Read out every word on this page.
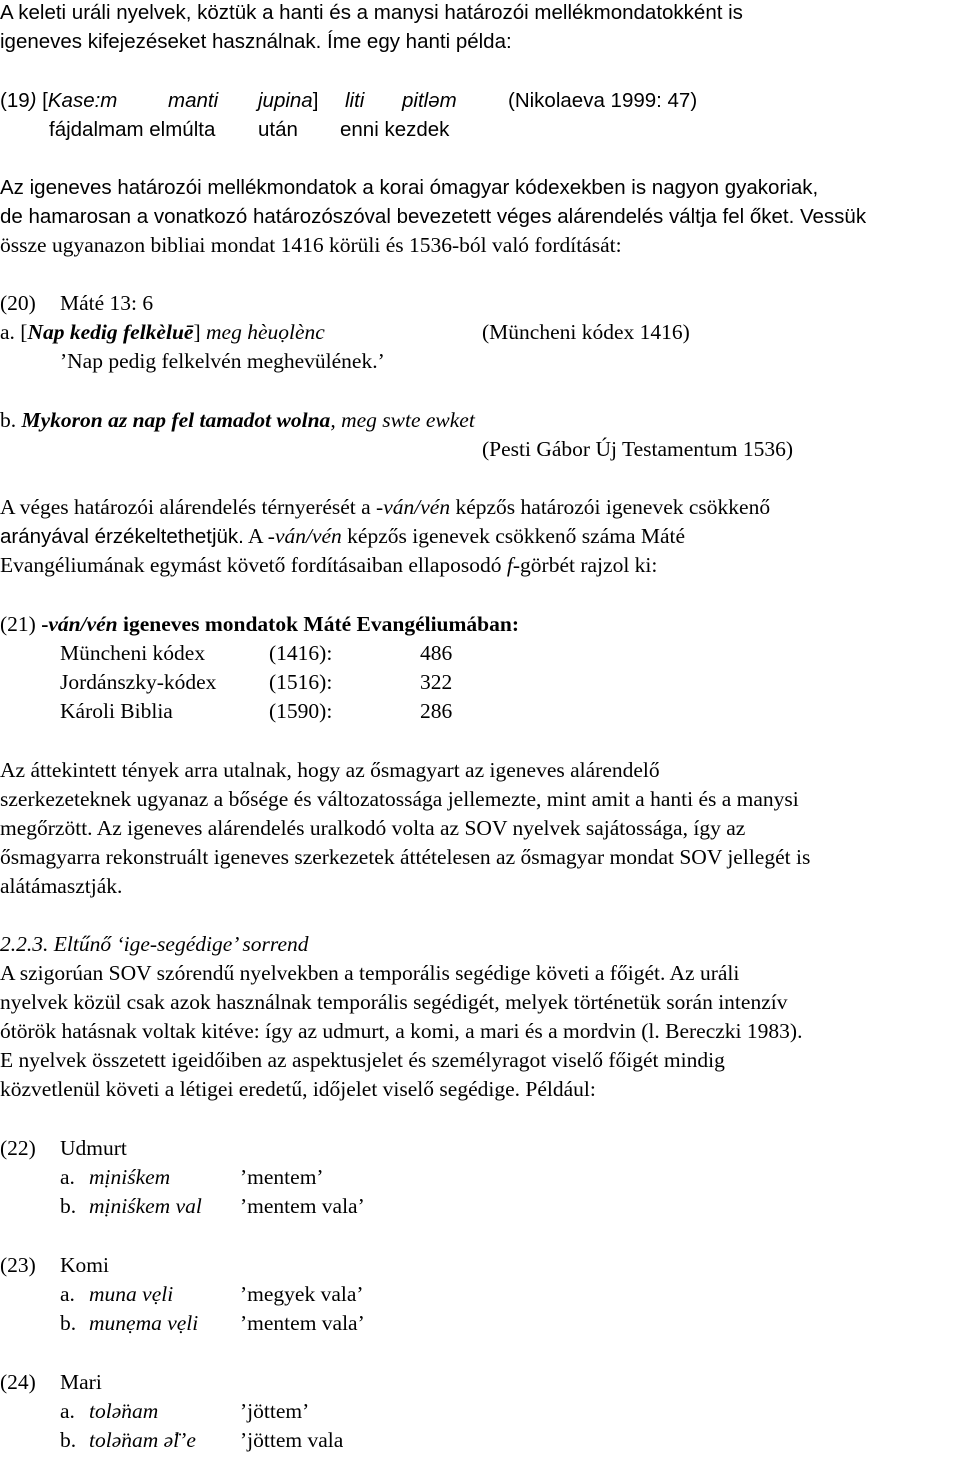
A keleti uráli nyelvek, köztük a hanti és a manysi határozói mellékmondatokként is
igeneves kifejezéseket használnak. Íme egy hanti példa:
(19) [Kase:m manti jupina] liti pitləm	(Nikolaeva 1999: 47)
fájdalmam elmúlta után enni kezdek
Az igeneves határozói mellékmondatok a korai ómagyar kódexekben is nagyon gyakoriak,
de hamarosan a vonatkozó határozószóval bevezetett véges alárendelés váltja fel őket. Vessük
össze ugyanazon bibliai mondat 1416 körüli és 1536-ból való fordítását:
(20) Máté 13: 6
a. [Nap kedig felkèluē] meg hèuọlènc	(Müncheni kódex 1416)
’Nap pedig felkelvén meghevülének.’
b. Mykoron az nap fel tamadot wolna, meg swte ewket
(Pesti Gábor Új Testamentum 1536)
A véges határozói alárendelés térnyerését a -ván/vén képzős határozói igenevek csökkenő
arányával érzékeltethetjük. A -ván/vén képzős igenevek csökkenő száma Máté
Evangéliumának egymást követő fordításaiban ellaposodó f-görbét rajzol ki:
(21) -ván/vén igeneves mondatok Máté Evangéliumában:
Müncheni kódex	(1416):	486
Jordánszky-kódex (1516):	322
Károli Biblia	(1590):	286
Az áttekintett tények arra utalnak, hogy az ősmagyart az igeneves alárendelő
szerkezeteknek ugyanaz a bősége és változatossága jellemezte, mint amit a hanti és a manysi
megőrzött. Az igeneves alárendelés uralkodó volta az SOV nyelvek sajátossága, így az
ősmagyarra rekonstruált igeneves szerkezetek áttételesen az ősmagyar mondat SOV jellegét is
alátámasztják.
2.2.3. Eltűnő ‘ige-segédige’ sorrend
A szigorúan SOV szórendű nyelvekben a temporális segédige követi a főigét. Az uráli
nyelvek közül csak azok használnak temporális segédigét, melyek történetük során intenzív
ótörök hatásnak voltak kitéve: így az udmurt, a komi, a mari és a mordvin (l. Bereczki 1983).
E nyelvek összetett igeidőiben az aspektusjelet és személyragot viselő főigét mindig
közvetlenül követi a létigei eredetű, időjelet viselő segédige. Például:
(22) Udmurt
a. mịniśkem	’mentem’
b. mịniśkem val ’mentem vala’
(23) Komi
a. muna vẹli	’megyek vala’
b. munẹma vẹli ’mentem vala’
(24) Mari
a. tolǝ̈nam	’jöttem’
b. tolǝ̈nam ǝ̈l’e ’jöttem vala
